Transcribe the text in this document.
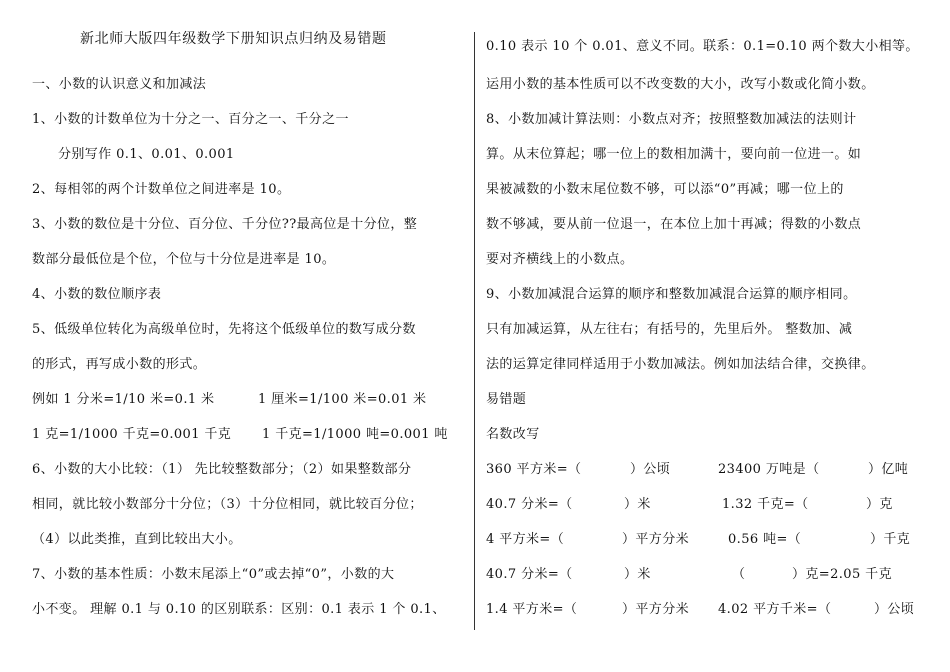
新北师大版四年级数学下册知识点归纳及易错题
一、小数的认识意义和加减法
1、小数的计数单位为十分之一、百分之一、千分之一
分别写作 0.1、0.01、0.001
2、每相邻的两个计数单位之间进率是 10。
3、小数的数位是十分位、百分位、千分位??最高位是十分位，整
数部分最低位是个位，个位与十分位是进率是 10。
4、小数的数位顺序表
5、低级单位转化为高级单位时，先将这个低级单位的数写成分数
的形式，再写成小数的形式。
例如 1 分米=1/10 米=0.1 米	1 厘米=1/100 米=0.01 米
1 克=1/1000 千克=0.001 千克 1 千克=1/1000 吨=0.001 吨
6、小数的大小比较：（1） 先比较整数部分；（2）如果整数部分
相同，就比较小数部分十分位；（3）十分位相同，就比较百分位；
（4）以此类推，直到比较出大小。
7、小数的基本性质：小数末尾添上“0”或去掉“0”，小数的大
小不变。 理解 0.1 与 0.10 的区别联系：区别：0.1 表示 1 个 0.1、
0.10 表示 10 个 0.01、意义不同。联系：0.1=0.10 两个数大小相等。
运用小数的基本性质可以不改变数的大小，改写小数或化简小数。
8、小数加减计算法则：小数点对齐；按照整数加减法的法则计
算。从末位算起；哪一位上的数相加满十，要向前一位进一。如
果被减数的小数末尾位数不够，可以添“0”再减；哪一位上的
数不够减，要从前一位退一，在本位上加十再减；得数的小数点
要对齐横线上的小数点。
9、小数加减混合运算的顺序和整数加减混合运算的顺序相同。
只有加减运算，从左往右；有括号的，先里后外。 整数加、减
法的运算定律同样适用于小数加减法。例如加法结合律，交换律。
易错题
名数改写
360 平方米=（	）公顷	23400 万吨是（	）亿吨
40.7 分米=（	）米	1.32 千克=（	）克
4 平方米=（	）平方分米	0.56 吨=（	）千克
40.7 分米=（	）米	（	）克=2.05 千克
1.4 平方米=（	）平方分米 4.02 平方千米=（	）公顷
